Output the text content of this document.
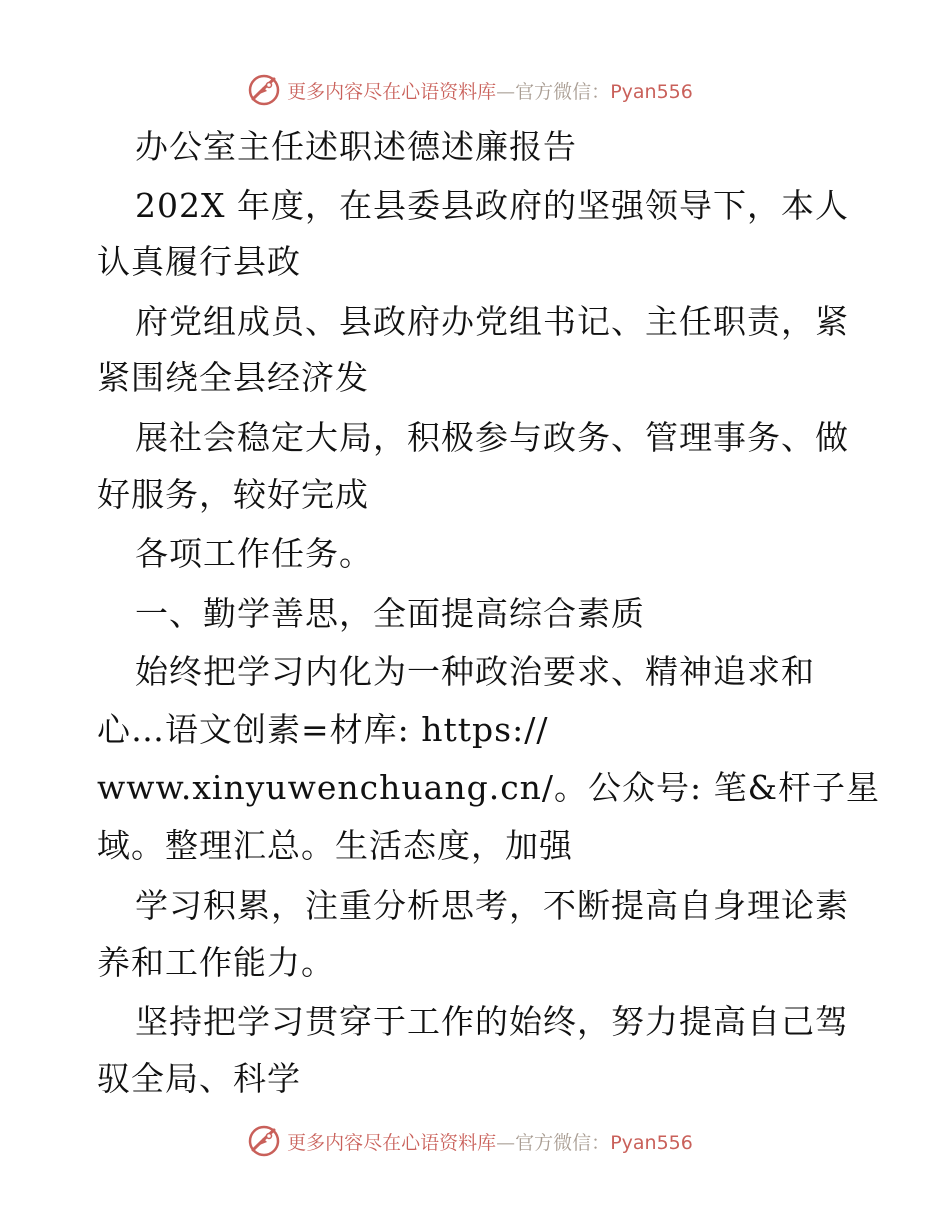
更多内容尽在心语资料库—官方微信：Pyan556
办公室主任述职述德述廉报告
202X 年度，在县委县政府的坚强领导下，本人
认真履行县政
府党组成员、县政府办党组书记、主任职责，紧
紧围绕全县经济发
展社会稳定大局，积极参与政务、管理事务、做
好服务，较好完成
各项工作任务。
一、勤学善思，全面提高综合素质
始终把学习内化为一种政治要求、精神追求和
心…语文创素=材库: https://
www.xinyuwenchuang.cn/。公众号: 笔&杆子星
域。整理汇总。生活态度，加强
学习积累，注重分析思考，不断提高自身理论素
养和工作能力。
坚持把学习贯穿于工作的始终，努力提高自己驾
驭全局、科学
更多内容尽在心语资料库—官方微信：Pyan556
